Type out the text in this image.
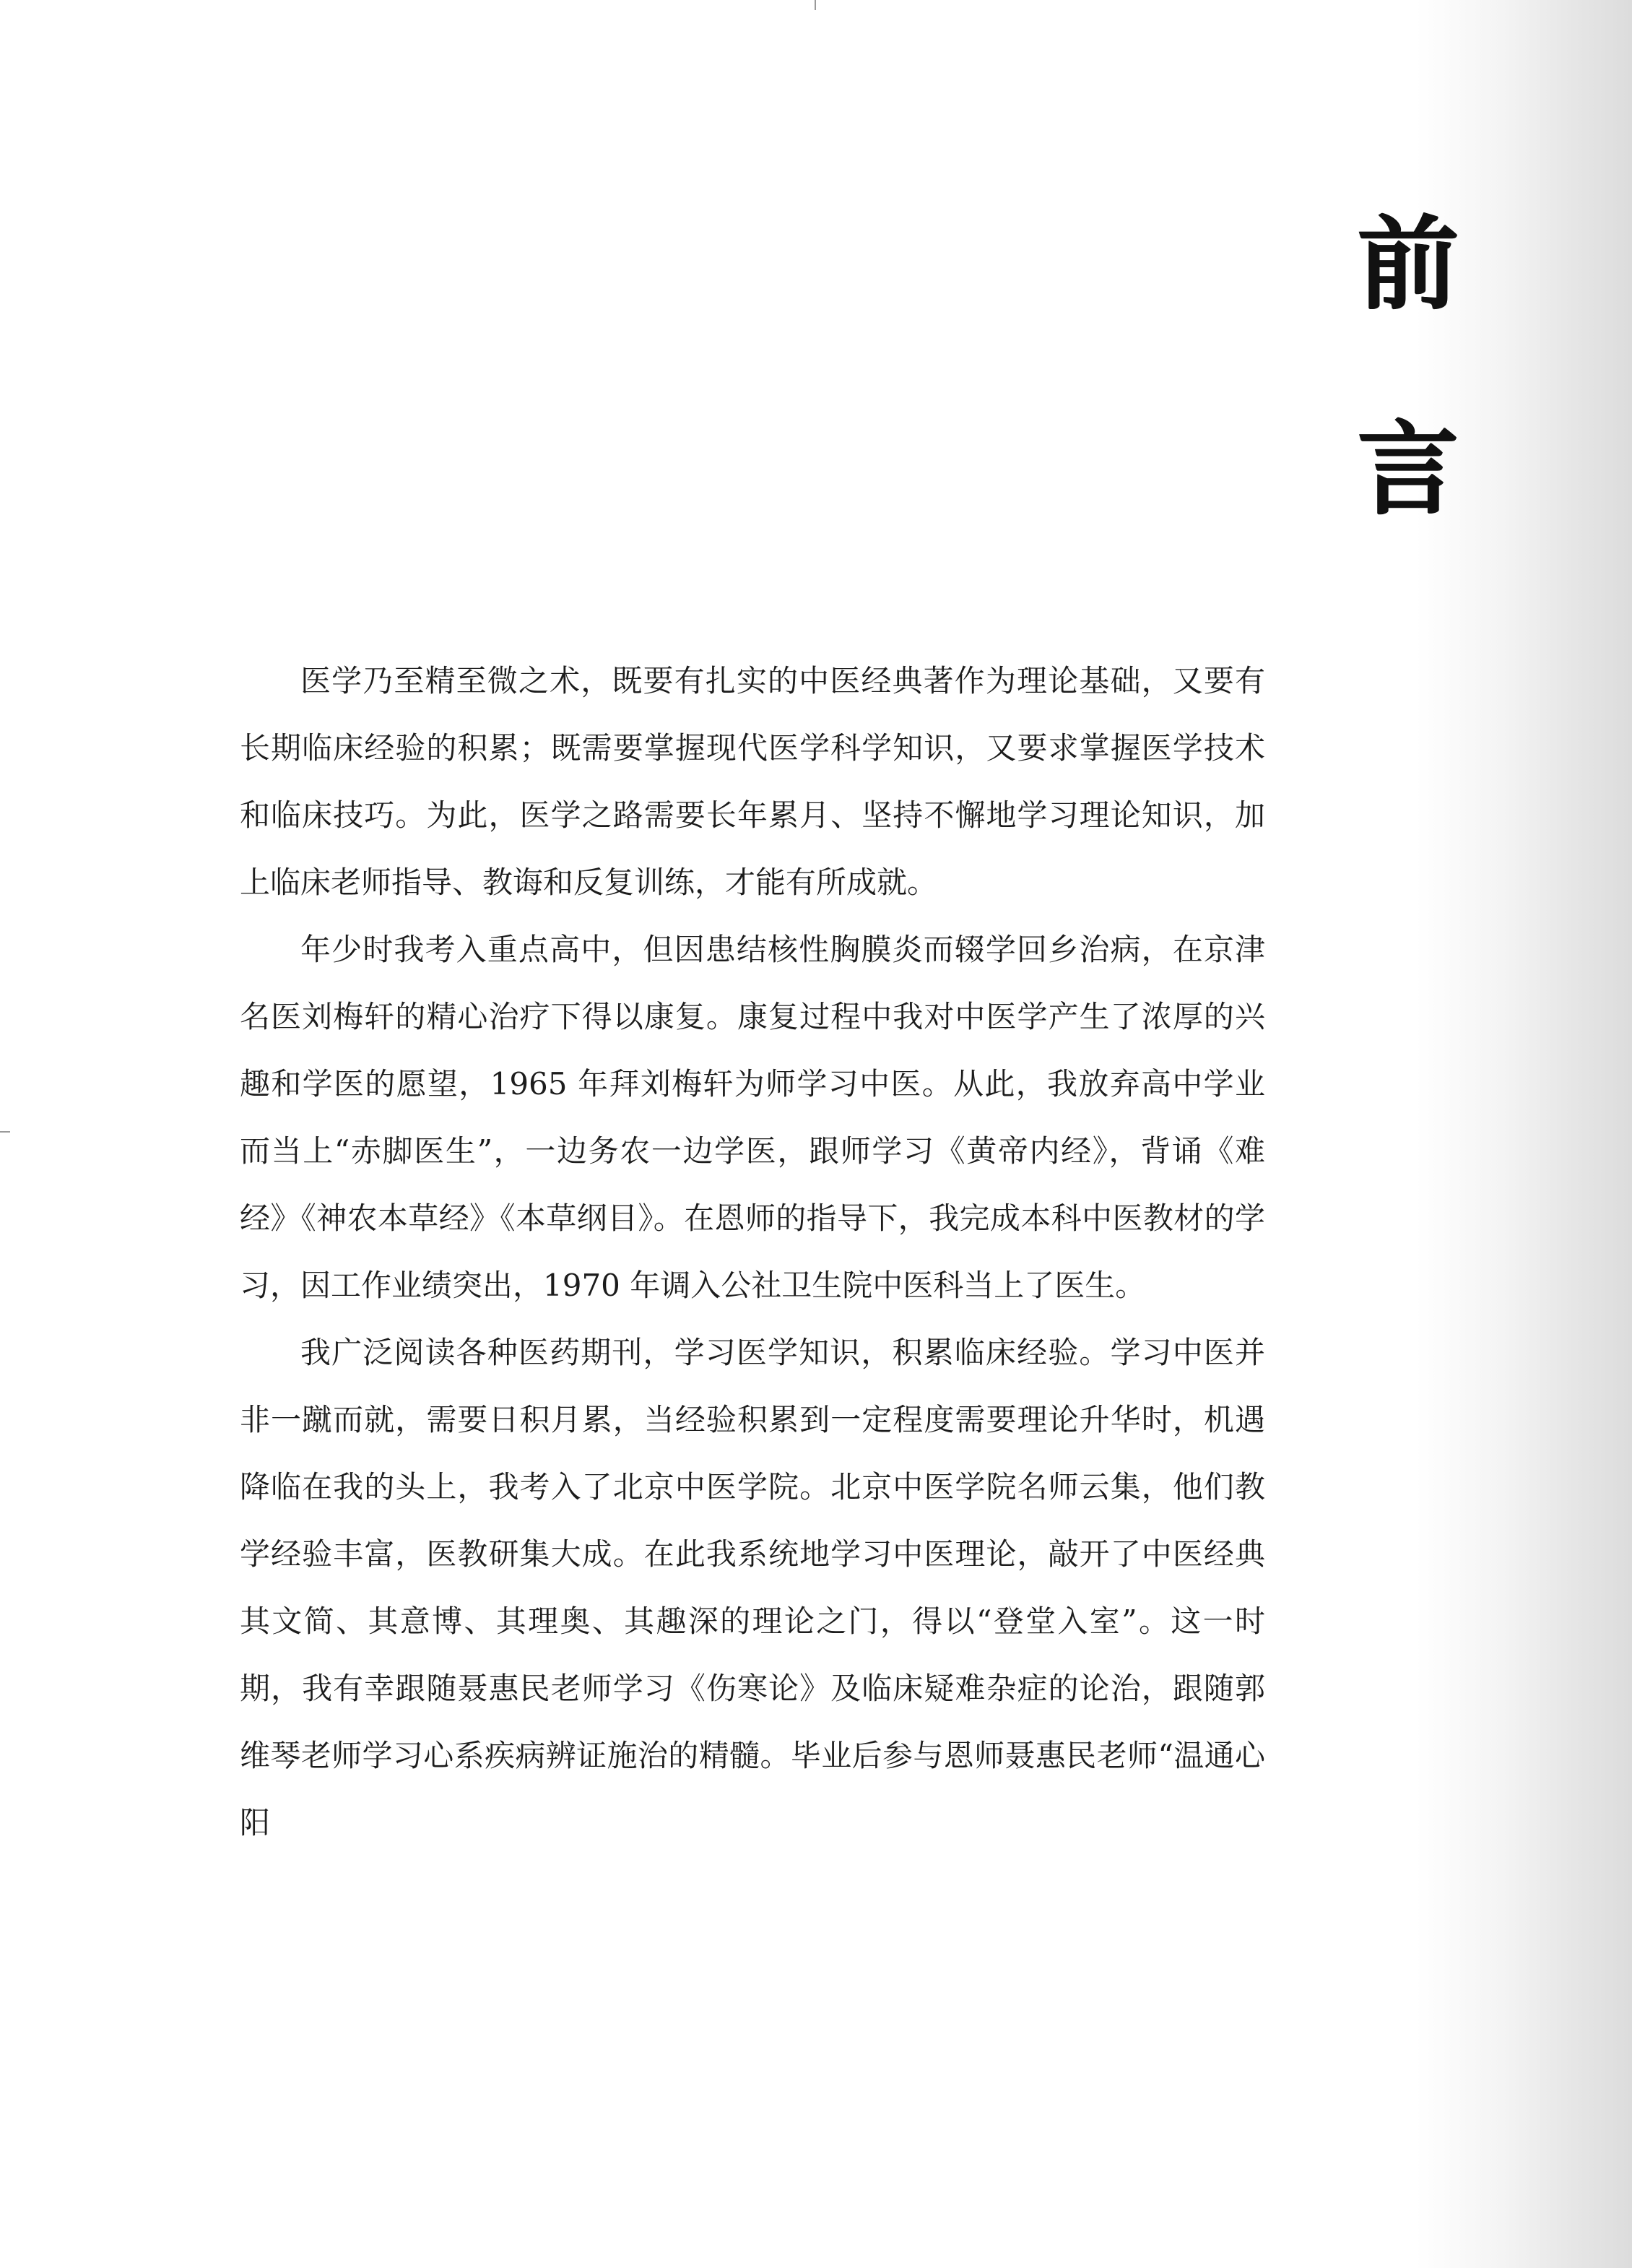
前
言

医学乃至精至微之术，既要有扎实的中医经典著作为理论基础，又要有长期临床经验的积累；既需要掌握现代医学科学知识，又要求掌握医学技术和临床技巧。为此，医学之路需要长年累月、坚持不懈地学习理论知识，加上临床老师指导、教诲和反复训练，才能有所成就。

年少时我考入重点高中，但因患结核性胸膜炎而辍学回乡治病，在京津名医刘梅轩的精心治疗下得以康复。康复过程中我对中医学产生了浓厚的兴趣和学医的愿望，1965 年拜刘梅轩为师学习中医。从此，我放弃高中学业而当上“赤脚医生”，一边务农一边学医，跟师学习《黄帝内经》，背诵《难经》《神农本草经》《本草纲目》。在恩师的指导下，我完成本科中医教材的学习，因工作业绩突出，1970 年调入公社卫生院中医科当上了医生。

我广泛阅读各种医药期刊，学习医学知识，积累临床经验。学习中医并非一蹴而就，需要日积月累，当经验积累到一定程度需要理论升华时，机遇降临在我的头上，我考入了北京中医学院。北京中医学院名师云集，他们教学经验丰富，医教研集大成。在此我系统地学习中医理论，敲开了中医经典其文简、其意博、其理奥、其趣深的理论之门，得以“登堂入室”。这一时期，我有幸跟随聂惠民老师学习《伤寒论》及临床疑难杂症的论治，跟随郭维琴老师学习心系疾病辨证施治的精髓。毕业后参与恩师聂惠民老师“温通心阳
